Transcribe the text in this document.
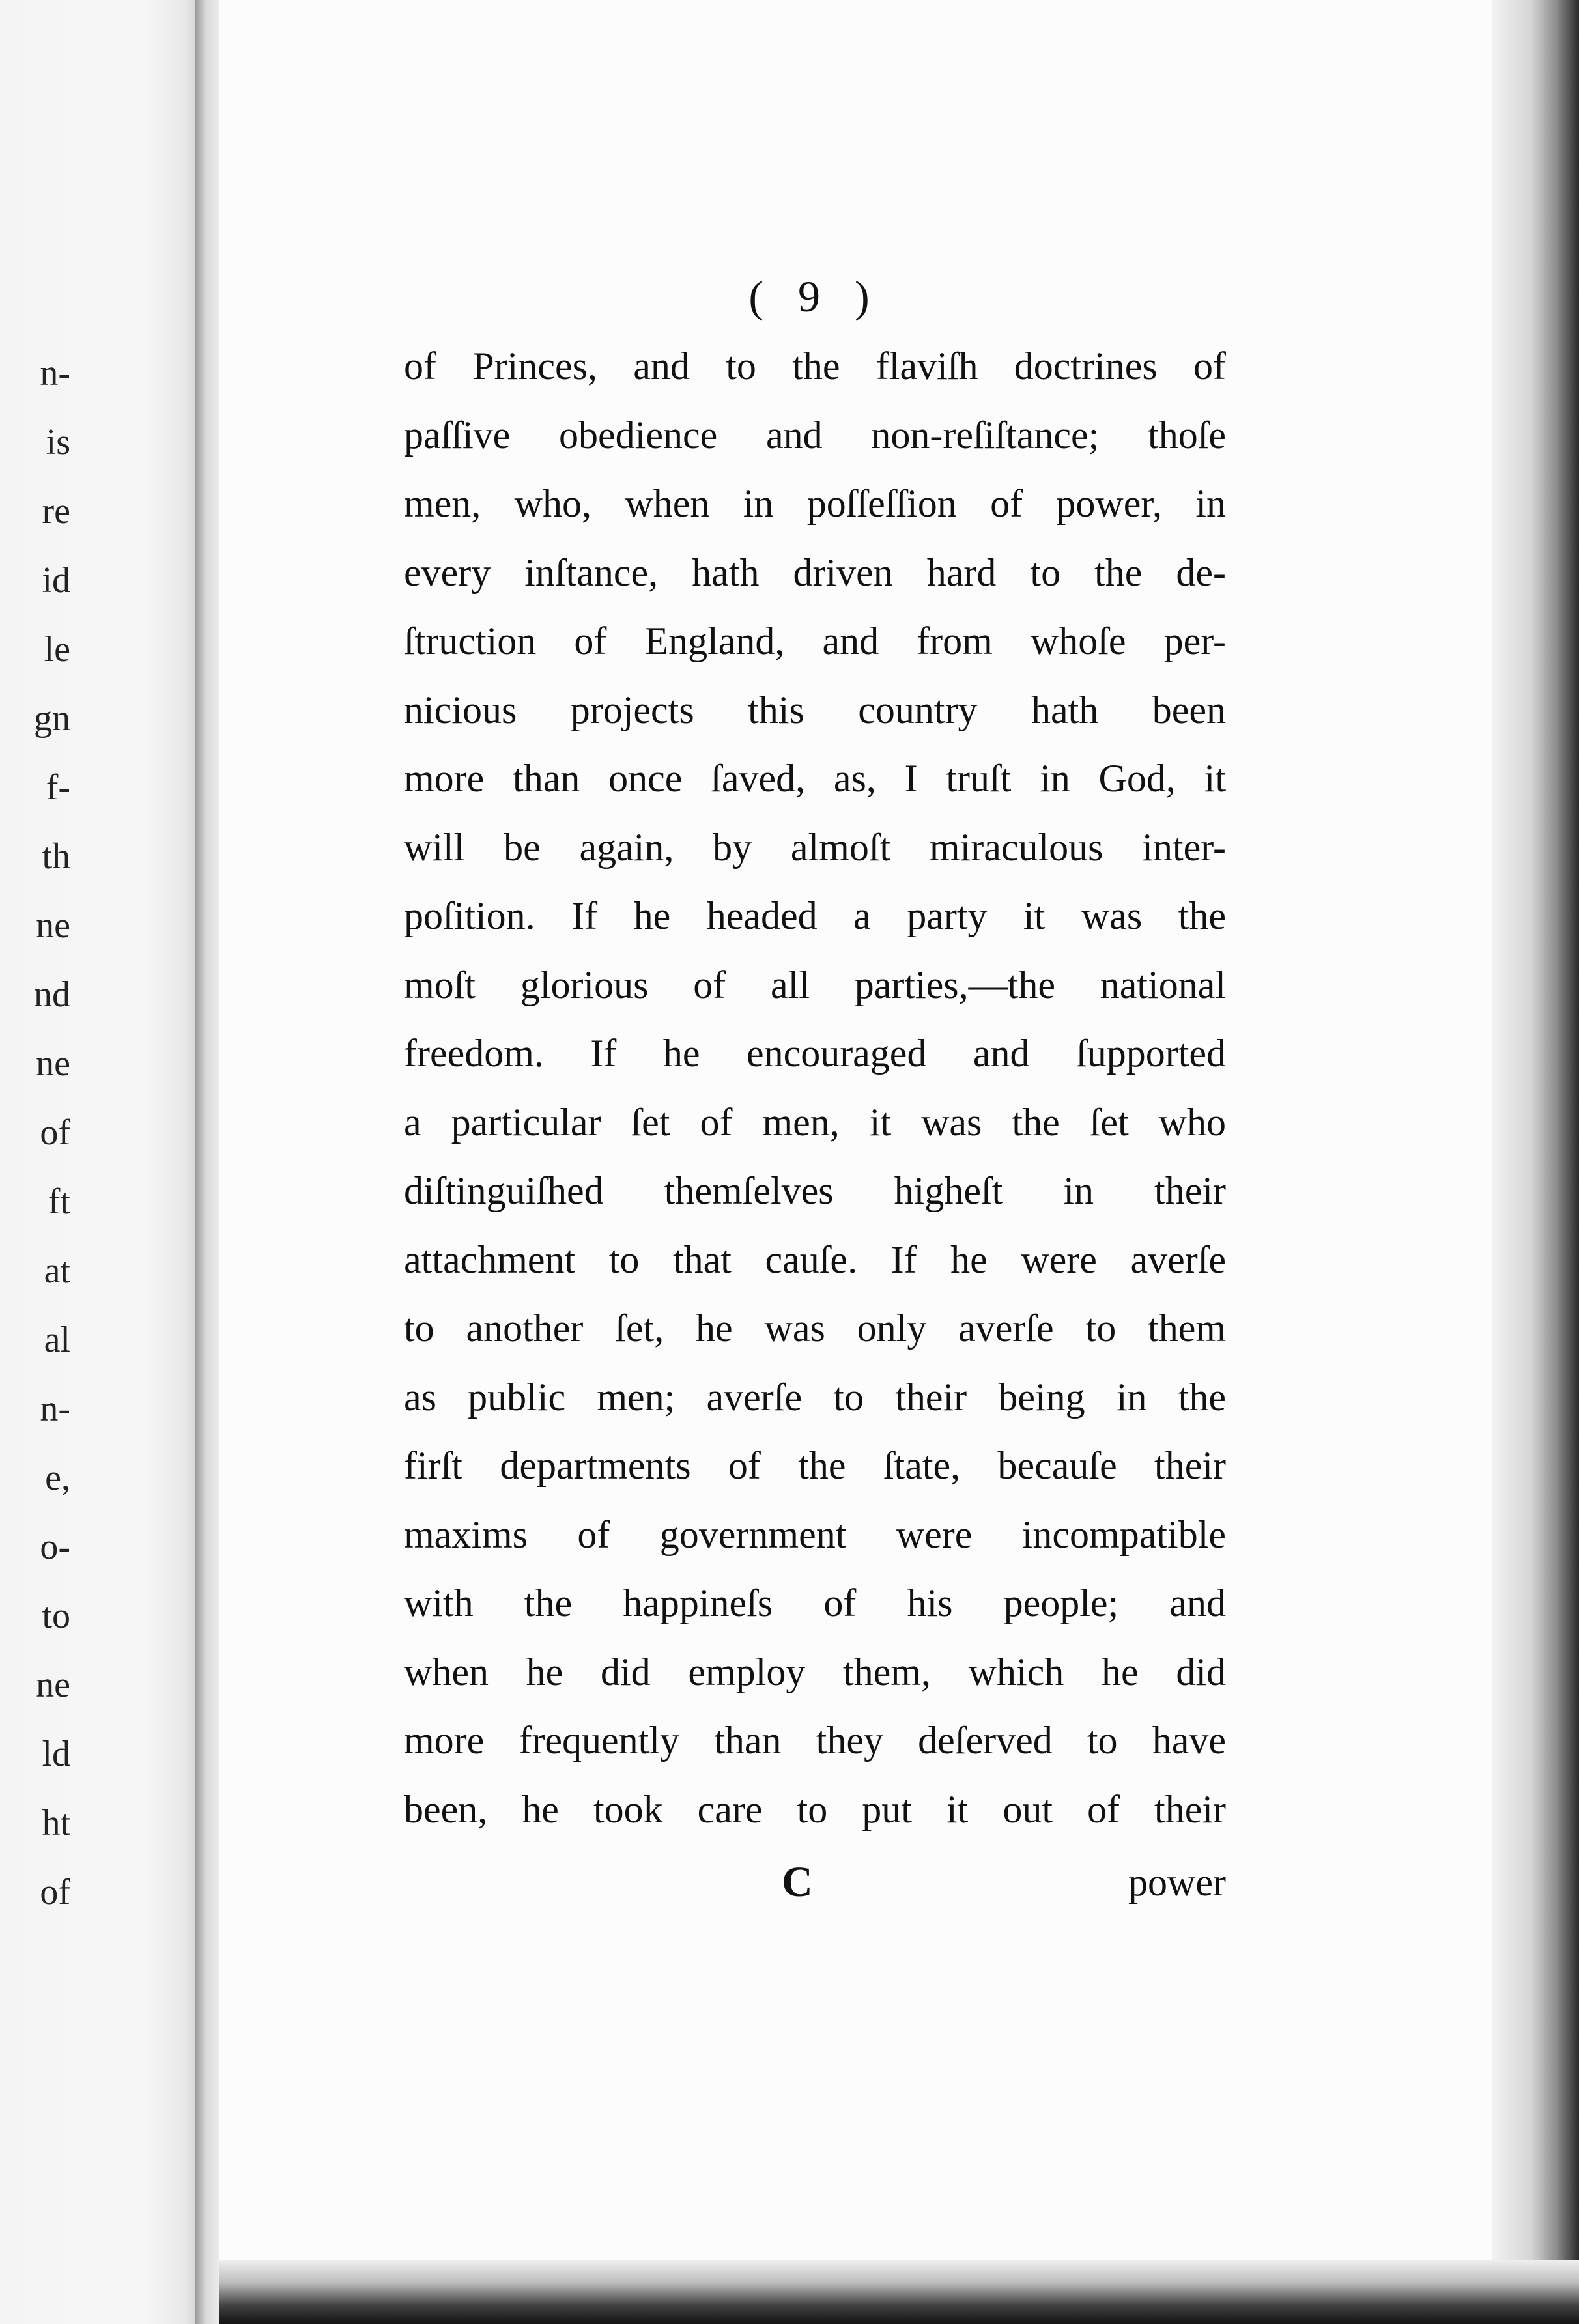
n-
is
re
id
le
gn
f-
th
ne
nd
ne
of
ft
at
al
n-
e,
o-
to
ne
ld
ht
of
( 9 )
of Princes, and to the flaviſh doctrines of
paſſive obedience and non-reſiſtance; thoſe
men, who, when in poſſeſſion of power, in
every inſtance, hath driven hard to the de-
ſtruction of England, and from whoſe per-
nicious projects this country hath been
more than once ſaved, as, I truſt in God, it
will be again, by almoſt miraculous inter-
poſition. If he headed a party it was the
moſt glorious of all parties,—the national
freedom. If he encouraged and ſupported
a particular ſet of men, it was the ſet who
diſtinguiſhed themſelves higheſt in their
attachment to that cauſe. If he were averſe
to another ſet, he was only averſe to them
as public men; averſe to their being in the
firſt departments of the ſtate, becauſe their
maxims of government were incompatible
with the happineſs of his people; and
when he did employ them, which he did
more frequently than they deſerved to have
been, he took care to put it out of their
C	power
